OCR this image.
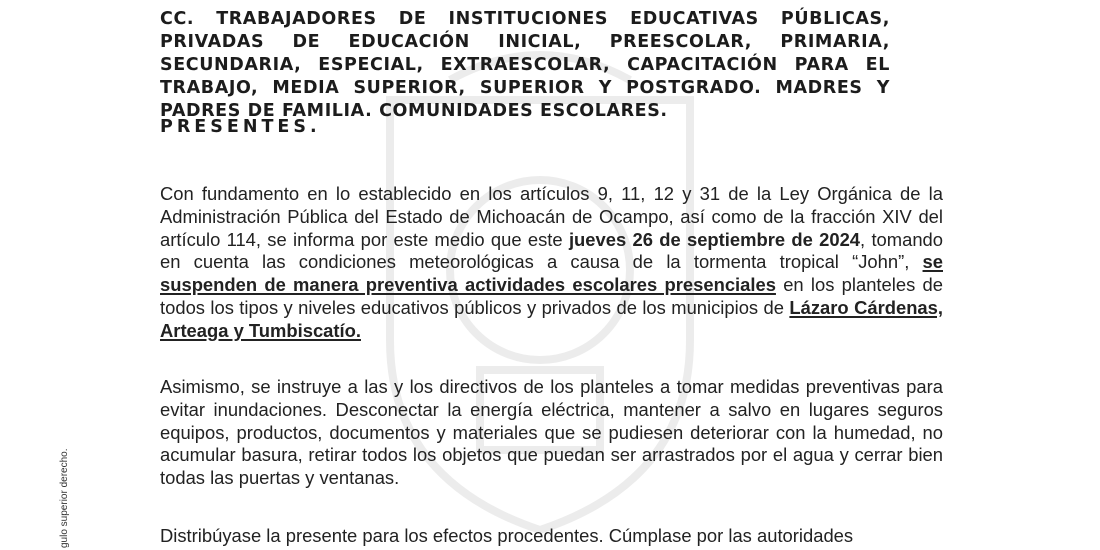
CC. TRABAJADORES DE INSTITUCIONES EDUCATIVAS PÚBLICAS, PRIVADAS DE EDUCACIÓN INICIAL, PREESCOLAR, PRIMARIA, SECUNDARIA, ESPECIAL, EXTRAESCOLAR, CAPACITACIÓN PARA EL TRABAJO, MEDIA SUPERIOR, SUPERIOR Y POSTGRADO. MADRES Y PADRES DE FAMILIA. COMUNIDADES ESCOLARES.
PRESENTES.
Con fundamento en lo establecido en los artículos 9, 11, 12 y 31 de la Ley Orgánica de la Administración Pública del Estado de Michoacán de Ocampo, así como de la fracción XIV del artículo 114, se informa por este medio que este jueves 26 de septiembre de 2024, tomando en cuenta las condiciones meteorológicas a causa de la tormenta tropical “John”, se suspenden de manera preventiva actividades escolares presenciales en los planteles de todos los tipos y niveles educativos públicos y privados de los municipios de Lázaro Cárdenas, Arteaga y Tumbiscatío.
Asimismo, se instruye a las y los directivos de los planteles a tomar medidas preventivas para evitar inundaciones. Desconectar la energía eléctrica, mantener a salvo en lugares seguros equipos, productos, documentos y materiales que se pudiesen deteriorar con la humedad, no acumular basura, retirar todos los objetos que puedan ser arrastrados por el agua y cerrar bien todas las puertas y ventanas.
Distribúyase la presente para los efectos procedentes. Cúmplase por las autoridades
gulo superior derecho.
